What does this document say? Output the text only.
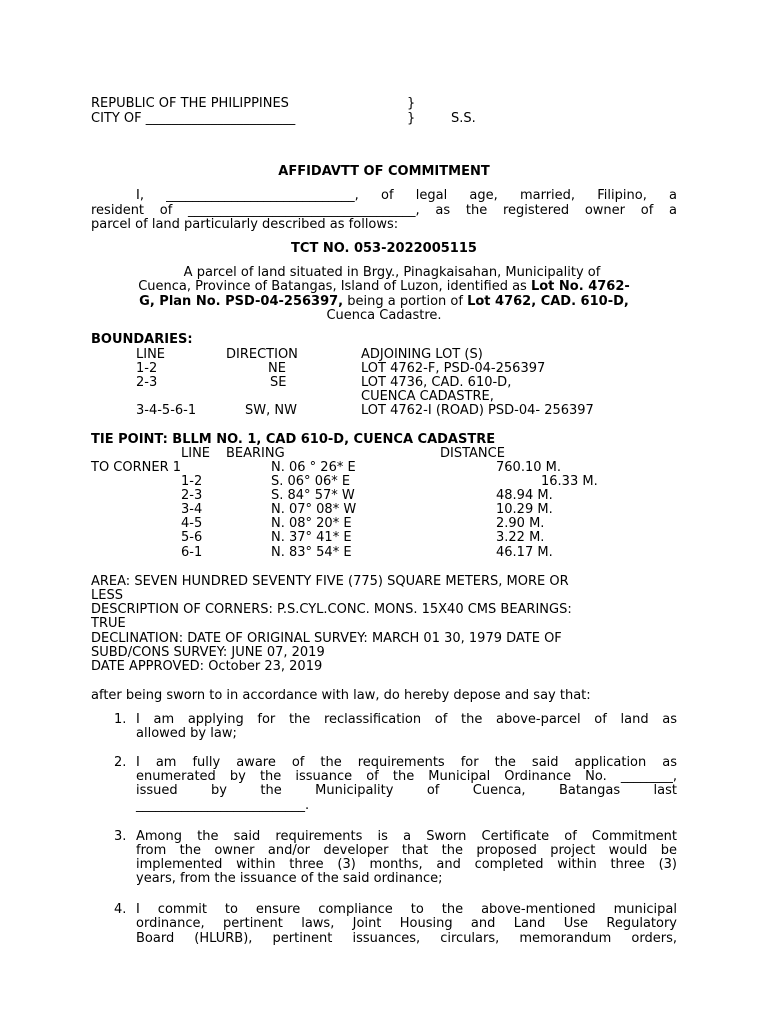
REPUBLIC OF THE PHILIPPINES	}
CITY OF _______________________	}	S.S.
AFFIDAVTT OF COMMITMENT
I, _____________________________, of legal age, married, Filipino, a
resident of ___________________________________, as the registered owner of a
parcel of land particularly described as follows:
TCT NO. 053-2022005115
A parcel of land situated in Brgy., Pinagkaisahan, Municipality of
Cuenca, Province of Batangas, Island of Luzon, identified as Lot No. 4762-
G, Plan No. PSD-04-256397, being a portion of Lot 4762, CAD. 610-D,
Cuenca Cadastre.
BOUNDARIES:
LINE	DIRECTION	ADJOINING LOT (S)
1-2	NE	LOT 4762-F, PSD-04-256397
2-3	SE	LOT 4736, CAD. 610-D,
CUENCA CADASTRE,
3-4-5-6-1	SW, NW	LOT 4762-I (ROAD) PSD-04- 256397
TIE POINT: BLLM NO. 1, CAD 610-D, CUENCA CADASTRE
LINE BEARING	DISTANCE
TO CORNER 1	N. 06 ° 26* E	760.10 M.
1-2	S. 06° 06* E	16.33 M.
2-3	S. 84° 57* W	48.94 M.
3-4	N. 07° 08* W	10.29 M.
4-5	N. 08° 20* E	2.90 M.
5-6	N. 37° 41* E	3.22 M.
6-1	N. 83° 54* E	46.17 M.
AREA: SEVEN HUNDRED SEVENTY FIVE (775) SQUARE METERS, MORE OR
LESS
DESCRIPTION OF CORNERS: P.S.CYL.CONC. MONS. 15X40 CMS BEARINGS:
TRUE
DECLINATION: DATE OF ORIGINAL SURVEY: MARCH 01 30, 1979 DATE OF
SUBD/CONS SURVEY: JUNE 07, 2019
DATE APPROVED: October 23, 2019
after being sworn to in accordance with law, do hereby depose and say that:
1. I am applying for the reclassification of the above-parcel of land as
allowed by law;
2. I am fully aware of the requirements for the said application as
enumerated by the issuance of the Municipal Ordinance No. ________,
issued by the Municipality of Cuenca, Batangas last
__________________________.
3. Among the said requirements is a Sworn Certificate of Commitment
from the owner and/or developer that the proposed project would be
implemented within three (3) months, and completed within three (3)
years, from the issuance of the said ordinance;
4. I commit to ensure compliance to the above-mentioned municipal
ordinance, pertinent laws, Joint Housing and Land Use Regulatory
Board (HLURB), pertinent issuances, circulars, memorandum orders,
